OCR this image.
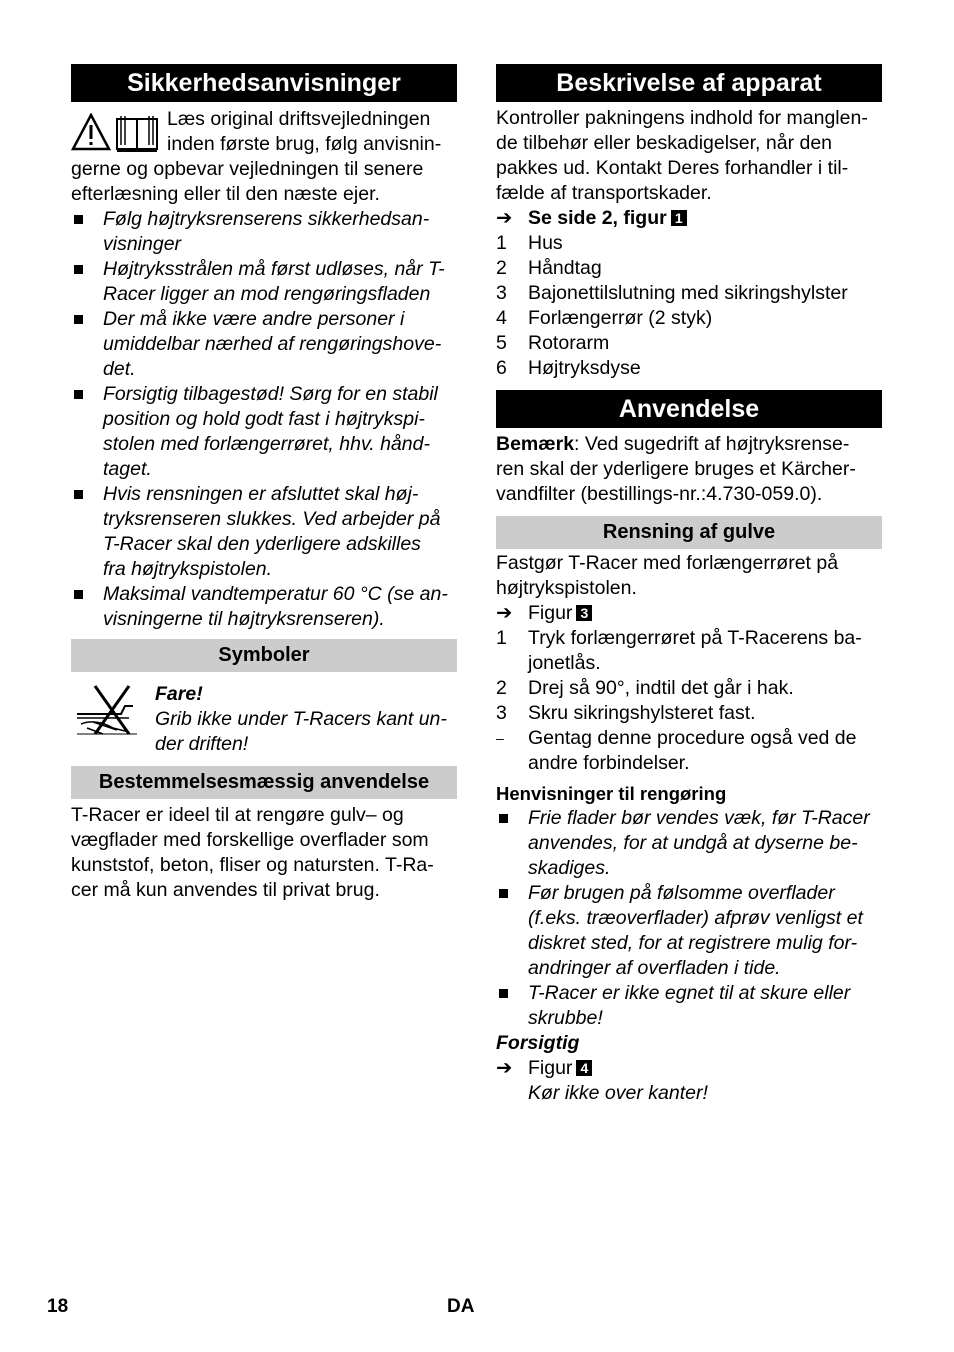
Sikkerhedsanvisninger
Læs original driftsvejledningen
inden første brug, følg anvisnin-
gerne og opbevar vejledningen til senere
efterlæsning eller til den næste ejer.
Følg højtryksrenserens sikkerhedsan-
visninger
Højtryksstrålen må først udløses, når T-
Racer ligger an mod rengøringsfladen
Der må ikke være andre personer i
umiddelbar nærhed af rengøringshove-
det.
Forsigtig tilbagestød! Sørg for en stabil
position og hold godt fast i højtrykspi-
stolen med forlængerrøret, hhv. hånd-
taget.
Hvis rensningen er afsluttet skal høj-
tryksrenseren slukkes. Ved arbejder på
T-Racer skal den yderligere adskilles
fra højtrykspistolen.
Maksimal vandtemperatur 60 °C (se an-
visningerne til højtryksrenseren).
Symboler
Fare!
Grib ikke under T-Racers kant un-
der driften!
Bestemmelsesmæssig anvendelse
T-Racer er ideel til at rengøre gulv– og
vægflader med forskellige overflader som
kunststof, beton, fliser og natursten. T-Ra-
cer må kun anvendes til privat brug.
Beskrivelse af apparat
Kontroller pakningens indhold for manglen-
de tilbehør eller beskadigelser, når den
pakkes ud. Kontakt Deres forhandler i til-
fælde af transportskader.
➔ Se side 2, figur 1
1 Hus
2 Håndtag
3 Bajonettilslutning med sikringshylster
4 Forlængerrør (2 styk)
5 Rotorarm
6 Højtryksdyse
Anvendelse
Bemærk: Ved sugedrift af højtryksrense-
ren skal der yderligere bruges et Kärcher-
vandfilter (bestillings-nr.:4.730-059.0).
Rensning af gulve
Fastgør T-Racer med forlængerrøret på
højtrykspistolen.
➔ Figur 3
1 Tryk forlængerrøret på T-Racerens ba-
jonetlås.
2 Drej så 90°, indtil det går i hak.
3 Skru sikringshylsteret fast.
– Gentag denne procedure også ved de
andre forbindelser.
Henvisninger til rengøring
Frie flader bør vendes væk, før T-Racer
anvendes, for at undgå at dyserne be-
skadiges.
Før brugen på følsomme overflader
(f.eks. træoverflader) afprøv venligst et
diskret sted, for at registrere mulig for-
andringer af overfladen i tide.
T-Racer er ikke egnet til at skure eller
skrubbe!
Forsigtig
➔ Figur 4
Kør ikke over kanter!
18	DA
